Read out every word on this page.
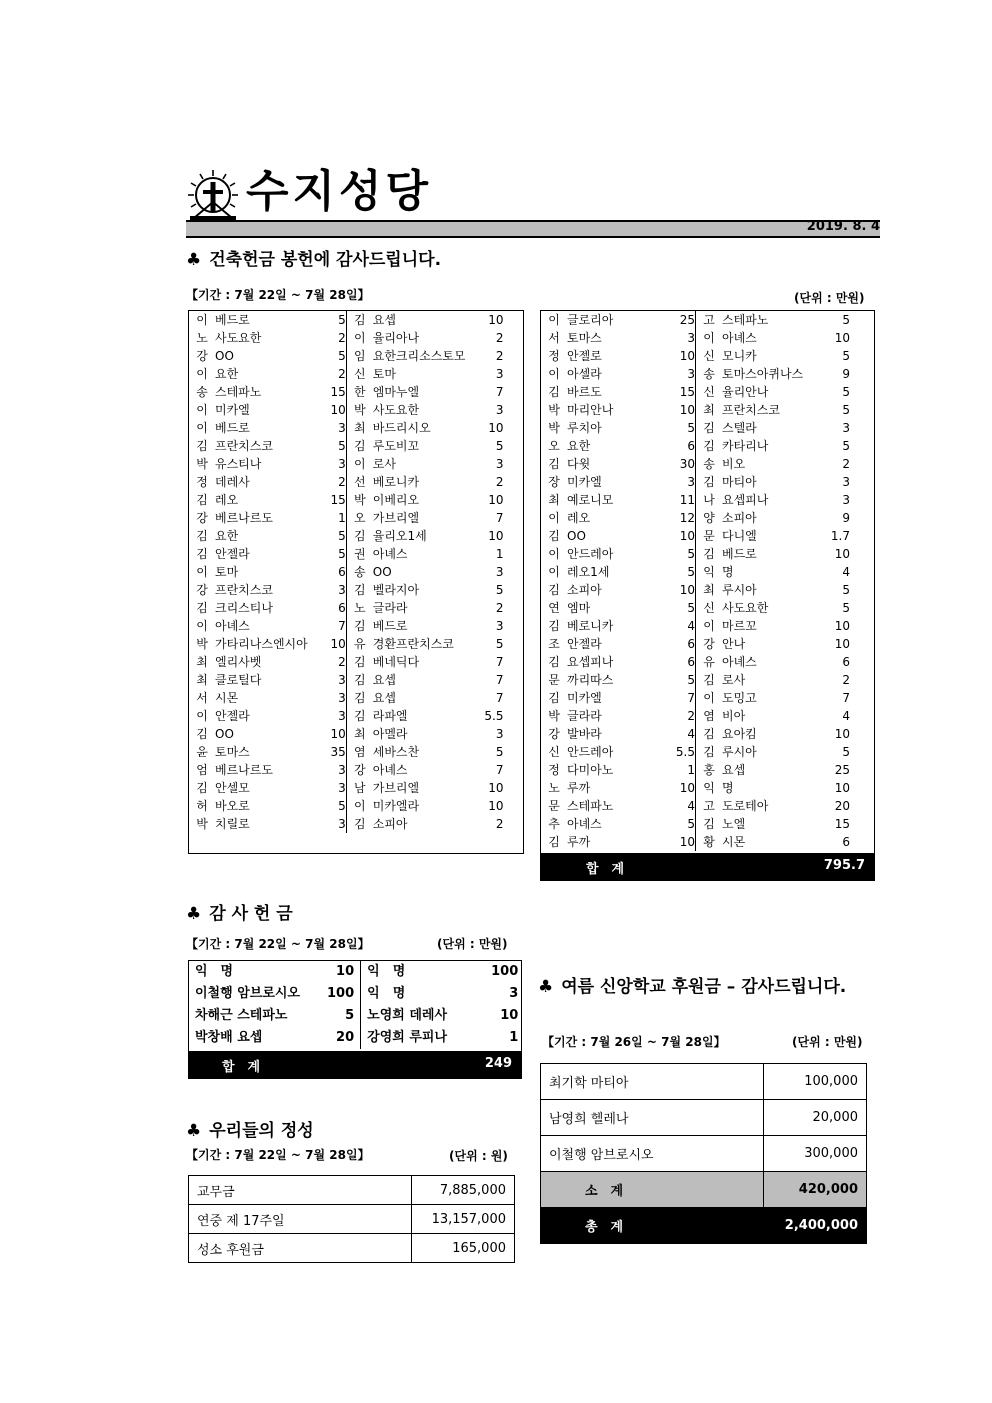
수지성당
2019. 8. 4
♣ 건축헌금 봉헌에 감사드립니다.
【기간 : 7월 22일 ~ 7월 28일】	(단위 : 만원)
이	베드로	5	김	요셉	10
노	사도요한	2	이	율리아나	2
강	OO	5	임	요한크리소스토모	2
이	요한	2	신	토마	3
송	스테파노	15	한	엠마누엘	7
이	미카엘	10	박	사도요한	3
이	베드로	3	최	바드리시오	10
김	프란치스코	5	김	루도비꼬	5
박	유스티나	3	이	로사	3
정	데레사	2	선	베로니카	2
김	레오	15	박	이베리오	10
강	베르나르도	1	오	가브리엘	7
김	요한	5	김	율리오1세	10
김	안젤라	5	권	아녜스	1
이	토마	6	송	OO	3
강	프란치스코	3	김	벨라지아	5
김	크리스티나	6	노	글라라	2
이	아녜스	7	김	베드로	3
박	가타리나스엔시아	10	유	경환프란치스코	5
최	엘리사벳	2	김	베네딕다	7
최	클로틸다	3	김	요셉	7
서	시몬	3	김	요셉	7
이	안젤라	3	김	라파엘	5.5
김	OO	10	최	아멜라	3
윤	토마스	35	염	세바스찬	5
엄	베르나르도	3	강	아녜스	7
김	안셀모	3	남	가브리엘	10
허	바오로	5	이	미카엘라	10
박	치릴로	3	김	소피아	2
이	글로리아	25	고	스테파노	5
서	토마스	3	이	아녜스	10
정	안젤로	10	신	모니카	5
이	아셀라	3	송	토마스아퀴나스	9
김	바르도	15	신	율리안나	5
박	마리안나	10	최	프란치스코	5
박	루치아	5	김	스텔라	3
오	요한	6	김	카타리나	5
김	다윗	30	송	비오	2
장	미카엘	3	김	마티아	3
최	예로니모	11	나	요셉피나	3
이	레오	12	양	소피아	9
김	OO	10	문	다니엘	1.7
이	안드레아	5	김	베드로	10
이	레오1세	5	익	명	4
김	소피아	10	최	루시아	5
연	엠마	5	신	사도요한	5
김	베로니카	4	이	마르꼬	10
조	안젤라	6	강	안나	10
김	요셉피나	6	유	아녜스	6
문	까리따스	5	김	로사	2
김	미카엘	7	이	도밍고	7
박	글라라	2	염	비아	4
강	발바라	4	김	요아킴	10
신	안드레아	5.5	김	루시아	5
정	다미아노	1	홍	요셉	25
노	루까	10	익	명	10
문	스테파노	4	고	도로테아	20
추	아녜스	5	김	노엘	15
김	루까	10	황	시몬	6
합　계	795.7
♣ 감 사 헌 금
【기간 : 7월 22일 ~ 7월 28일】	(단위 : 만원)
익　명	10	익　명	100
이철행 암브로시오	100	익　명	3
차해근 스테파노	5	노영희 데레사	10
박창배 요셉	20	강영희 루피나	1
합　계	249
♣ 우리들의 정성
【기간 : 7월 22일 ~ 7월 28일】	(단위 : 원)
교무금	7,885,000
연중 제 17주일	13,157,000
성소 후원금	165,000
♣ 여름 신앙학교 후원금 – 감사드립니다.
【기간 : 7월 26일 ~ 7월 28일】	(단위 : 만원)
최기학 마티아	100,000
남영희 헬레나	20,000
이철행 암브로시오	300,000
소　계	420,000
총　계	2,400,000
